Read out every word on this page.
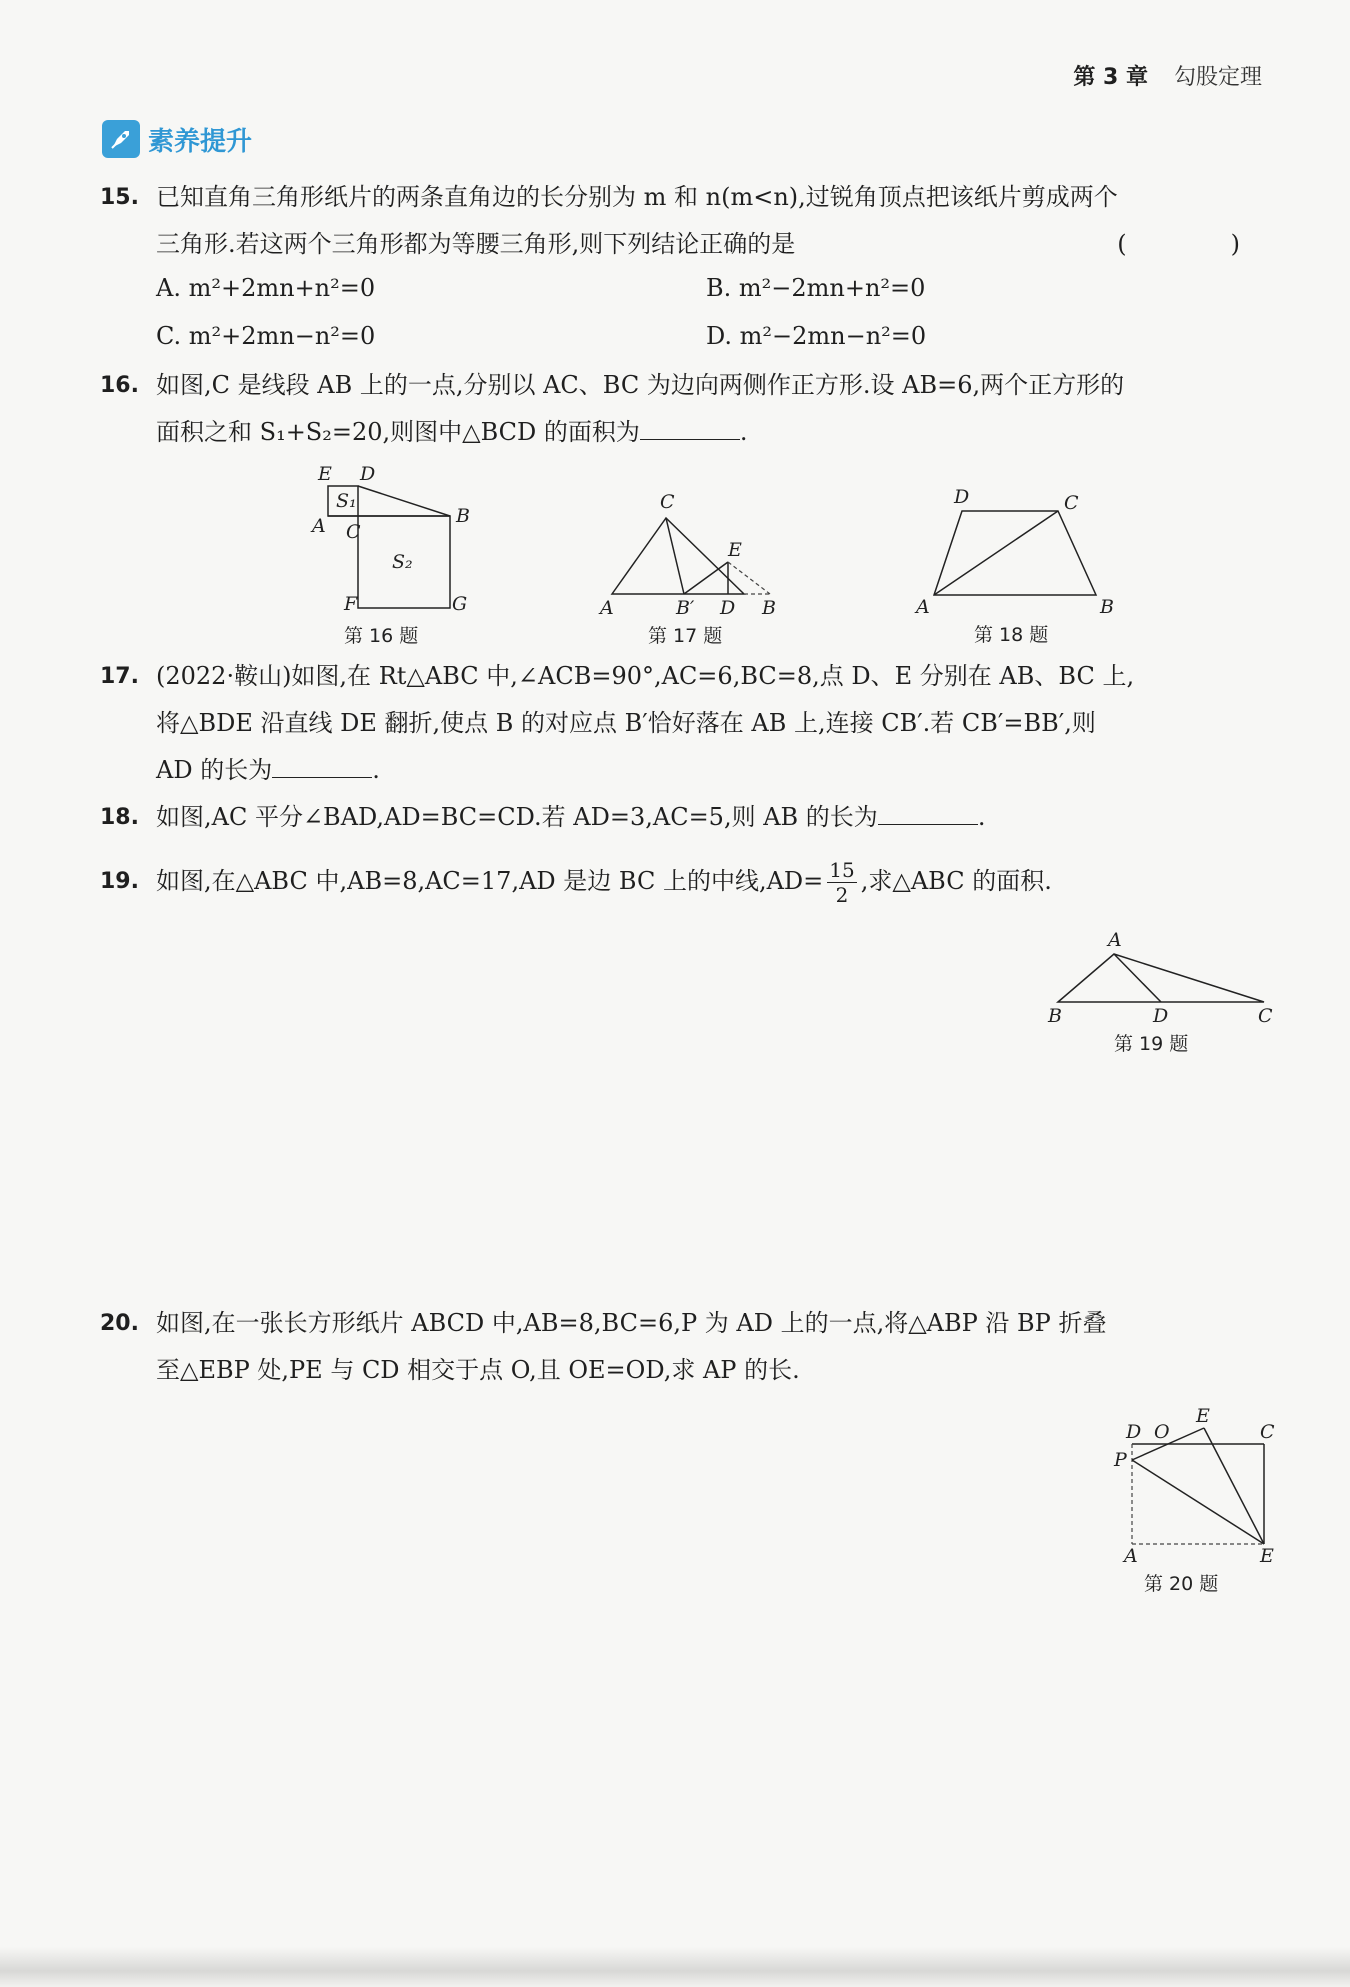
第 3 章 勾股定理
素养提升
15. 已知直角三角形纸片的两条直角边的长分别为 m 和 n(m<n),过锐角顶点把该纸片剪成两个
三角形.若这两个三角形都为等腰三角形,则下列结论正确的是	(　)
A. m²+2mn+n²=0	B. m²−2mn+n²=0
C. m²+2mn−n²=0	D. m²−2mn−n²=0
16. 如图,C 是线段 AB 上的一点,分别以 AC、BC 为边向两侧作正方形.设 AB=6,两个正方形的
面积之和 S₁+S₂=20,则图中△BCD 的面积为	.
E D
S₁
A C
B
S₂
F	G
第 16 题
C
E
A	B′ D B
第 17 题
D	C
A	B
第 18 题
17. (2022·鞍山)如图,在 Rt△ABC 中,∠ACB=90°,AC=6,BC=8,点 D、E 分别在 AB、BC 上,
将△BDE 沿直线 DE 翻折,使点 B 的对应点 B′恰好落在 AB 上,连接 CB′.若 CB′=BB′,则
AD 的长为	.
18. 如图,AC 平分∠BAD,AD=BC=CD.若 AD=3,AC=5,则 AB 的长为	.
19. 如图,在△ABC 中,AB=8,AC=17,AD 是边 BC 上的中线$,AD= \frac{15}{2}$ ,求△ABC 的面积.
A
B	D	C
第 19 题
20. 如图,在一张长方形纸片 ABCD 中,AB=8,BC=6,P 为 AD 上的一点,将△ABP 沿 BP 折叠
至△EBP 处,PE 与 CD 相交于点 O,且 OE=OD,求 AP 的长.
D O
E
C
P
A	E
第 20 题
